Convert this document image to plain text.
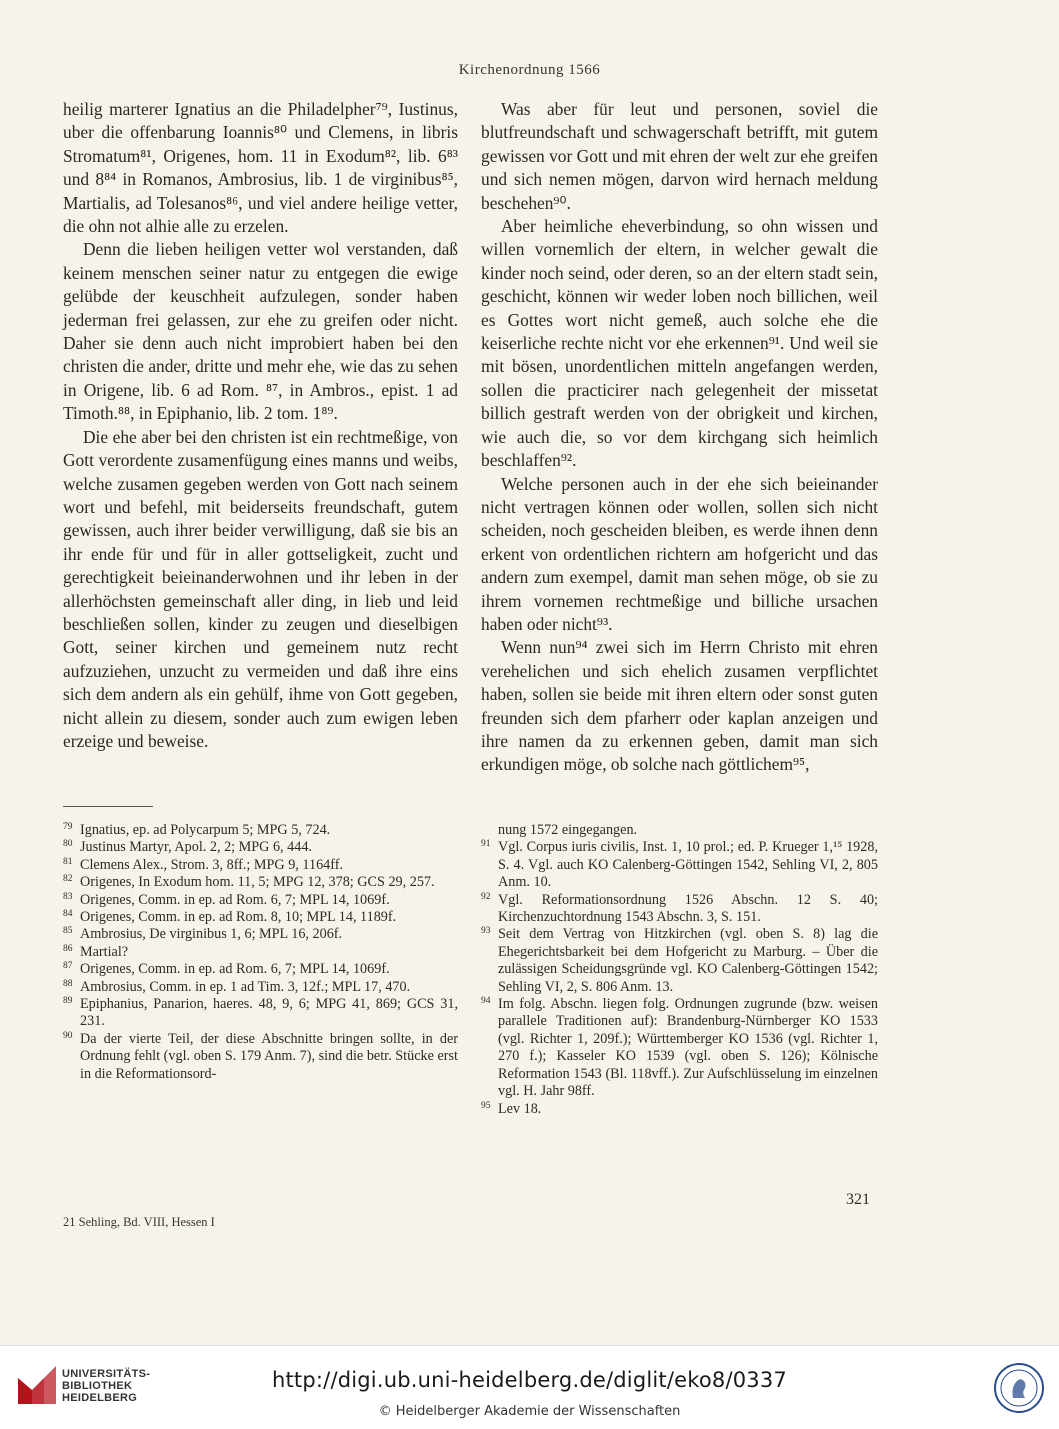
Kirchenordnung 1566

heilig marterer Ignatius an die Philadelpher⁷⁹, Iustinus, uber die offenbarung Ioannis⁸⁰ und Clemens, in libris Stromatum⁸¹, Origenes, hom. 11 in Exodum⁸², lib. 6⁸³ und 8⁸⁴ in Romanos, Ambrosius, lib. 1 de virginibus⁸⁵, Martialis, ad Tolesanos⁸⁶, und viel andere heilige vetter, die ohn not alhie alle zu erzelen.

Denn die lieben heiligen vetter wol verstanden, daß keinem menschen seiner natur zu entgegen die ewige gelübde der keuschheit aufzulegen, sonder haben jederman frei gelassen, zur ehe zu greifen oder nicht. Daher sie denn auch nicht improbiert haben bei den christen die ander, dritte und mehr ehe, wie das zu sehen in Origene, lib. 6 ad Rom. ⁸⁷, in Ambros., epist. 1 ad Timoth.⁸⁸, in Epiphanio, lib. 2 tom. 1⁸⁹.

Die ehe aber bei den christen ist ein rechtmeßige, von Gott verordente zusamenfügung eines manns und weibs, welche zusamen gegeben werden von Gott nach seinem wort und befehl, mit beiderseits freundschaft, gutem gewissen, auch ihrer beider verwilligung, daß sie bis an ihr ende für und für in aller gottseligkeit, zucht und gerechtigkeit beieinanderwohnen und ihr leben in der allerhöchsten gemeinschaft aller ding, in lieb und leid beschließen sollen, kinder zu zeugen und dieselbigen Gott, seiner kirchen und gemeinem nutz recht aufzuziehen, unzucht zu vermeiden und daß ihre eins sich dem andern als ein gehülf, ihme von Gott gegeben, nicht allein zu diesem, sonder auch zum ewigen leben erzeige und beweise.

Was aber für leut und personen, soviel die blutfreundschaft und schwagerschaft betrifft, mit gutem gewissen vor Gott und mit ehren der welt zur ehe greifen und sich nemen mögen, darvon wird hernach meldung beschehen⁹⁰.

Aber heimliche eheverbindung, so ohn wissen und willen vornemlich der eltern, in welcher gewalt die kinder noch seind, oder deren, so an der eltern stadt sein, geschicht, können wir weder loben noch billichen, weil es Gottes wort nicht gemeß, auch solche ehe die keiserliche rechte nicht vor ehe erkennen⁹¹. Und weil sie mit bösen, unordentlichen mitteln angefangen werden, sollen die practicirer nach gelegenheit der missetat billich gestraft werden von der obrigkeit und kirchen, wie auch die, so vor dem kirchgang sich heimlich beschlaffen⁹².

Welche personen auch in der ehe sich beieinander nicht vertragen können oder wollen, sollen sich nicht scheiden, noch gescheiden bleiben, es werde ihnen denn erkent von ordentlichen richtern am hofgericht und das andern zum exempel, damit man sehen möge, ob sie zu ihrem vornemen rechtmeßige und billiche ursachen haben oder nicht⁹³.

Wenn nun⁹⁴ zwei sich im Herrn Christo mit ehren verehelichen und sich ehelich zusamen verpflichtet haben, sollen sie beide mit ihren eltern oder sonst guten freunden sich dem pfarherr oder kaplan anzeigen und ihre namen da zu erkennen geben, damit man sich erkundigen möge, ob solche nach göttlichem⁹⁵,

79 Ignatius, ep. ad Polycarpum 5; MPG 5, 724.
80 Justinus Martyr, Apol. 2, 2; MPG 6, 444.
81 Clemens Alex., Strom. 3, 8ff.; MPG 9, 1164ff.
82 Origenes, In Exodum hom. 11, 5; MPG 12, 378; GCS 29, 257.
83 Origenes, Comm. in ep. ad Rom. 6, 7; MPL 14, 1069f.
84 Origenes, Comm. in ep. ad Rom. 8, 10; MPL 14, 1189f.
85 Ambrosius, De virginibus 1, 6; MPL 16, 206f.
86 Martial?
87 Origenes, Comm. in ep. ad Rom. 6, 7; MPL 14, 1069f.
88 Ambrosius, Comm. in ep. 1 ad Tim. 3, 12f.; MPL 17, 470.
89 Epiphanius, Panarion, haeres. 48, 9, 6; MPG 41, 869; GCS 31, 231.
90 Da der vierte Teil, der diese Abschnitte bringen sollte, in der Ordnung fehlt (vgl. oben S. 179 Anm. 7), sind die betr. Stücke erst in die Reformationsord-
nung 1572 eingegangen.
91 Vgl. Corpus iuris civilis, Inst. 1, 10 prol.; ed. P. Krueger 1,¹⁵ 1928, S. 4. Vgl. auch KO Calenberg-Göttingen 1542, Sehling VI, 2, 805 Anm. 10.
92 Vgl. Reformationsordnung 1526 Abschn. 12 S. 40; Kirchenzuchtordnung 1543 Abschn. 3, S. 151.
93 Seit dem Vertrag von Hitzkirchen (vgl. oben S. 8) lag die Ehegerichtsbarkeit bei dem Hofgericht zu Marburg. – Über die zulässigen Scheidungsgründe vgl. KO Calenberg-Göttingen 1542; Sehling VI, 2, S. 806 Anm. 13.
94 Im folg. Abschn. liegen folg. Ordnungen zugrunde (bzw. weisen parallele Traditionen auf): Brandenburg-Nürnberger KO 1533 (vgl. Richter 1, 209f.); Württemberger KO 1536 (vgl. Richter 1, 270 f.); Kasseler KO 1539 (vgl. oben S. 126); Kölnische Reformation 1543 (Bl. 118vff.). Zur Aufschlüsselung im einzelnen vgl. H. Jahr 98ff.
95 Lev 18.
321
21 Sehling, Bd. VIII, Hessen I
UNIVERSITÄTS-
BIBLIOTHEK
HEIDELBERG
http://digi.ub.uni-heidelberg.de/diglit/eko8/0337
© Heidelberger Akademie der Wissenschaften
